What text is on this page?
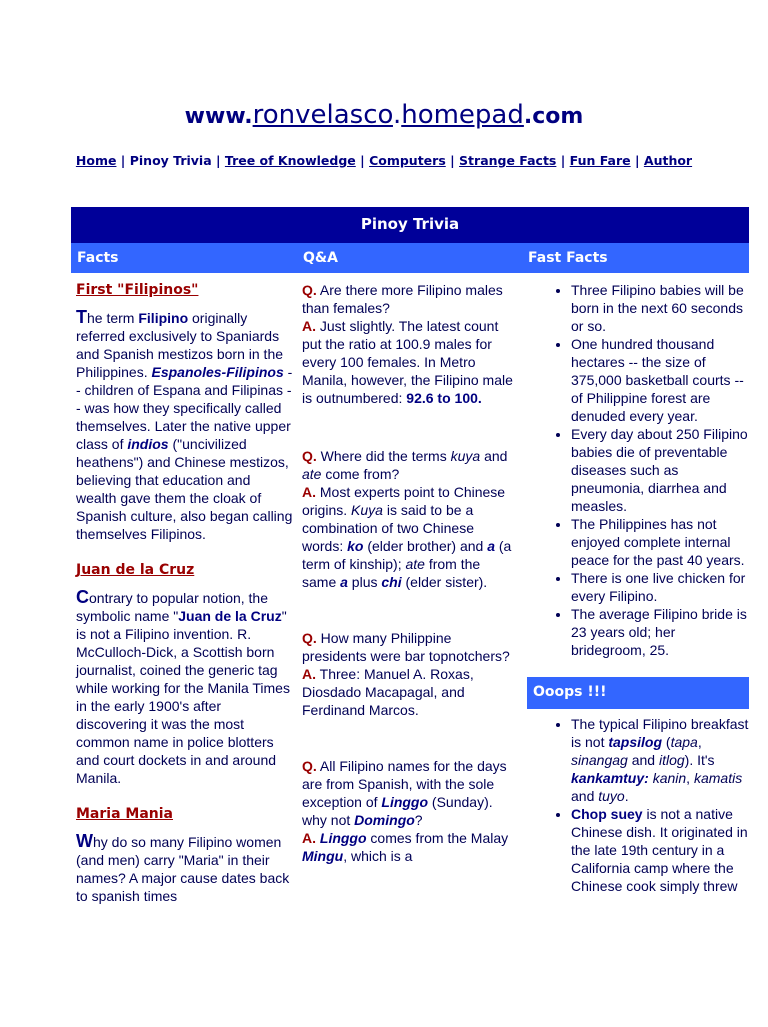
www.ronvelasco.homepad.com
Home | Pinoy Trivia | Tree of Knowledge | Computers | Strange Facts | Fun Fare | Author
Pinoy Trivia
Facts	Q&A	Fast Facts
First "Filipinos"

The term Filipino originally referred exclusively to Spaniards and Spanish mestizos born in the Philippines. Espanoles-Filipinos -- children of Espana and Filipinas -- was how they specifically called themselves. Later the native upper class of indios ("uncivilized heathens") and Chinese mestizos, believing that education and wealth gave them the cloak of Spanish culture, also began calling themselves Filipinos.

Juan de la Cruz

Contrary to popular notion, the symbolic name "Juan de la Cruz" is not a Filipino invention. R. McCulloch-Dick, a Scottish born journalist, coined the generic tag while working for the Manila Times in the early 1900's after discovering it was the most common name in police blotters and court dockets in and around Manila.

Maria Mania

Why do so many Filipino women (and men) carry "Maria" in their names? A major cause dates back to spanish times

Q. Are there more Filipino males than females?

A. Just slightly. The latest count put the ratio at 100.9 males for every 100 females. In Metro Manila, however, the Filipino male is outnumbered: 92.6 to 100.

Q. Where did the terms kuya and ate come from?

A. Most experts point to Chinese origins. Kuya is said to be a combination of two Chinese words: ko (elder brother) and a (a term of kinship); ate from the same a plus chi (elder sister).

Q. How many Philippine presidents were bar topnotchers?

A. Three: Manuel A. Roxas, Diosdado Macapagal, and Ferdinand Marcos.

Q. All Filipino names for the days are from Spanish, with the sole exception of Linggo (Sunday). why not Domingo?

A. Linggo comes from the Malay Mingu, which is a

• Three Filipino babies will be born in the next 60 seconds or so.
• One hundred thousand hectares -- the size of 375,000 basketball courts -- of Philippine forest are denuded every year.
• Every day about 250 Filipino babies die of preventable diseases such as pneumonia, diarrhea and measles.
• The Philippines has not enjoyed complete internal peace for the past 40 years.
• There is one live chicken for every Filipino.
• The average Filipino bride is 23 years old; her bridegroom, 25.
Ooops !!!
• The typical Filipino breakfast is not tapsilog (tapa, sinangag and itlog). It's kankamtuy: kanin, kamatis and tuyo.
• Chop suey is not a native Chinese dish. It originated in the late 19th century in a California camp where the Chinese cook simply threw
